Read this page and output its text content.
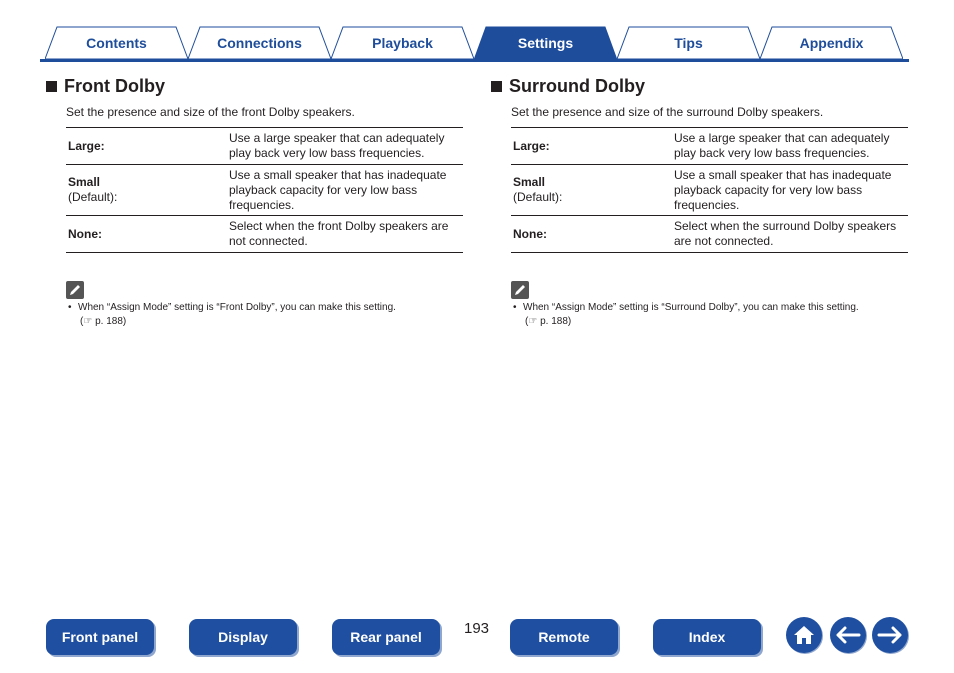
Contents	Connections	Playback	Settings	Tips	Appendix
Front Dolby
Set the presence and size of the front Dolby speakers.
Large:	Use a large speaker that can adequately play back very low bass frequencies.
Small
(Default):	Use a small speaker that has inadequate playback capacity for very low bass frequencies.
None:	Select when the front Dolby speakers are not connected.
• When “Assign Mode” setting is “Front Dolby”, you can make this setting.
(☞ p. 188)
Surround Dolby
Set the presence and size of the surround Dolby speakers.
Large:	Use a large speaker that can adequately play back very low bass frequencies.
Small
(Default):	Use a small speaker that has inadequate playback capacity for very low bass frequencies.
None:	Select when the surround Dolby speakers are not connected.
• When “Assign Mode” setting is “Surround Dolby”, you can make this setting.
(☞ p. 188)
Front panel	Display	Rear panel	193	Remote	Index
